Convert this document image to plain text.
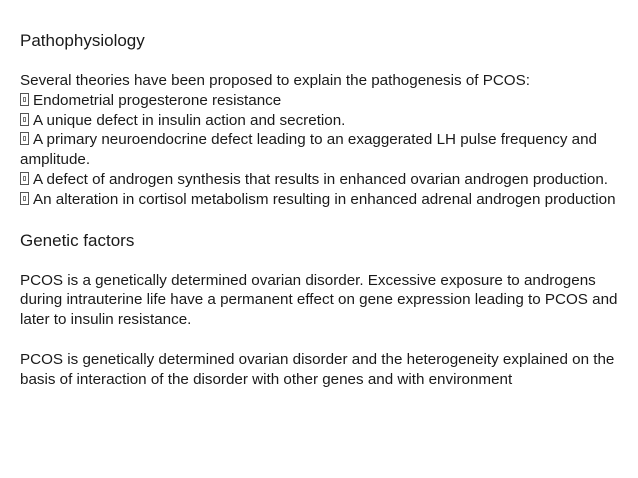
Pathophysiology

Several theories have been proposed to explain the pathogenesis of PCOS:

Endometrial progesterone resistance
A unique defect in insulin action and secretion.
A primary neuroendocrine defect leading to an exaggerated LH pulse frequency and amplitude.
A defect of androgen synthesis that results in enhanced ovarian androgen production.
An alteration in cortisol metabolism resulting in enhanced adrenal androgen production
Genetic factors

PCOS is a genetically determined ovarian disorder. Excessive exposure to androgens during intrauterine life have a permanent effect on gene expression leading to PCOS and later to insulin resistance.

PCOS is genetically determined ovarian disorder and the heterogeneity explained on the basis of interaction of the disorder with other genes and with environment
